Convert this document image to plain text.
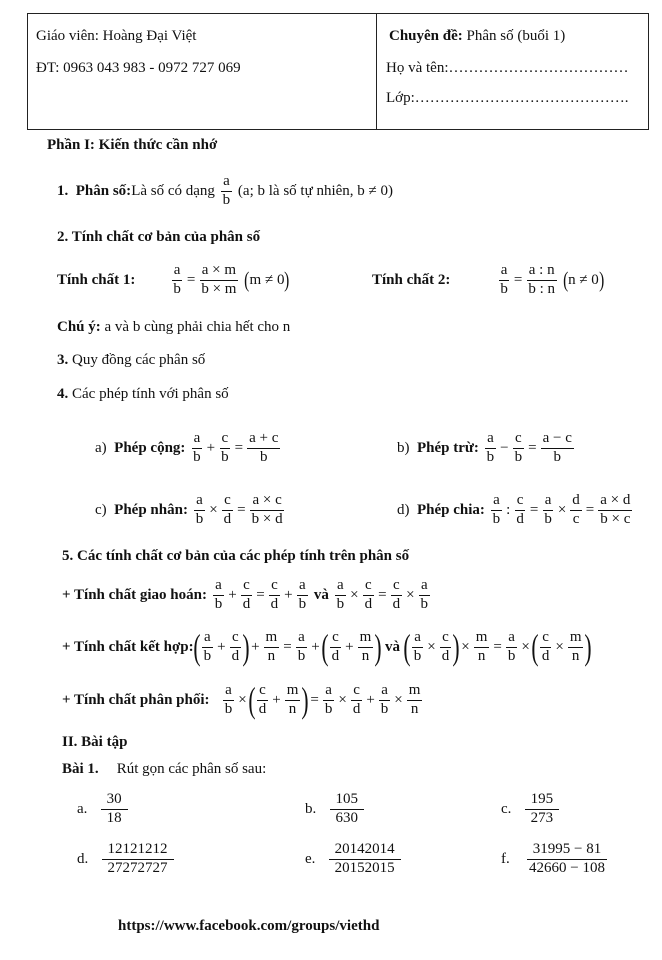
Giáo viên: Hoàng Đại Việt
ĐT: 0963 043 983 - 0972 727 069
Chuyên đề: Phân số (buổi 1)
Họ và tên:………………………………
Lớp:…………………………………….
Phần I: Kiến thức cần nhớ
1.
Phân số: Là số có dạng
$\frac{a}{b}$
(a; b là số tự nhiên, b ≠ 0)
2. Tính chất cơ bản của phân số
Tính chất 1: $\frac{a}{b} = \frac{a \times m}{b \times m}$
( m ≠ 0 )	Tính chất 2:	$\frac{a}{b} = \frac{a : n}{b : n}$
( n ≠ 0 )
Chú ý: a và b cùng phải chia hết cho n
3. Quy đồng các phân số
4. Các phép tính với phân số
a) Phép cộng:
$\frac{a}{b} + \frac{c}{b} = \frac{a + c}{b}$	b) Phép trừ:
$\frac{a}{b} - \frac{c}{b} = \frac{a - c}{b}$
c) Phép nhân:
$\frac{a}{b} \times \frac{c}{d} = \frac{a \times c}{b \times d}$	d) Phép chia:
$\frac{a}{b}$ : $\frac{c}{d} = \frac{a}{b} \times \frac{d}{c} = \frac{a \times d}{b \times c}$
5. Các tính chất cơ bản của các phép tính trên phân số
+ Tính chất giao hoán:
$\frac{a}{b} + \frac{c}{d} = \frac{c}{d} + \frac{a}{b}$
và
$\frac{a}{b} \times \frac{c}{d} = \frac{c}{d} \times \frac{a}{b}$
+ Tính chất kết hợp: ( $\frac{a}{b} + \frac{c}{d}$ ) + $\frac{m}{n} = \frac{a}{b}$ + ( $\frac{c}{d} + \frac{m}{n}$ )
và
( $\frac{a}{b} \times \frac{c}{d}$ ) × $\frac{m}{n} = \frac{a}{b}$ × ( $\frac{c}{d} \times \frac{m}{n}$ )
+ Tính chất phân phối:
$\frac{a}{b}$ × ( $\frac{c}{d} + \frac{m}{n}$ ) = $\frac{a}{b} \times \frac{c}{d} + \frac{a}{b} \times \frac{m}{n}$
II. Bài tập
Bài 1. Rút gọn các phân số sau:
a.
$\frac{30}{18}$	b.
$\frac{105}{630}$	c.
$\frac{195}{273}$
d.
$\frac{12121212}{27272727}$	e.
$\frac{20142014}{20152015}$	f.
$\frac{31995 - 81}{42660 - 108}$
https://www.facebook.com/groups/viethd
